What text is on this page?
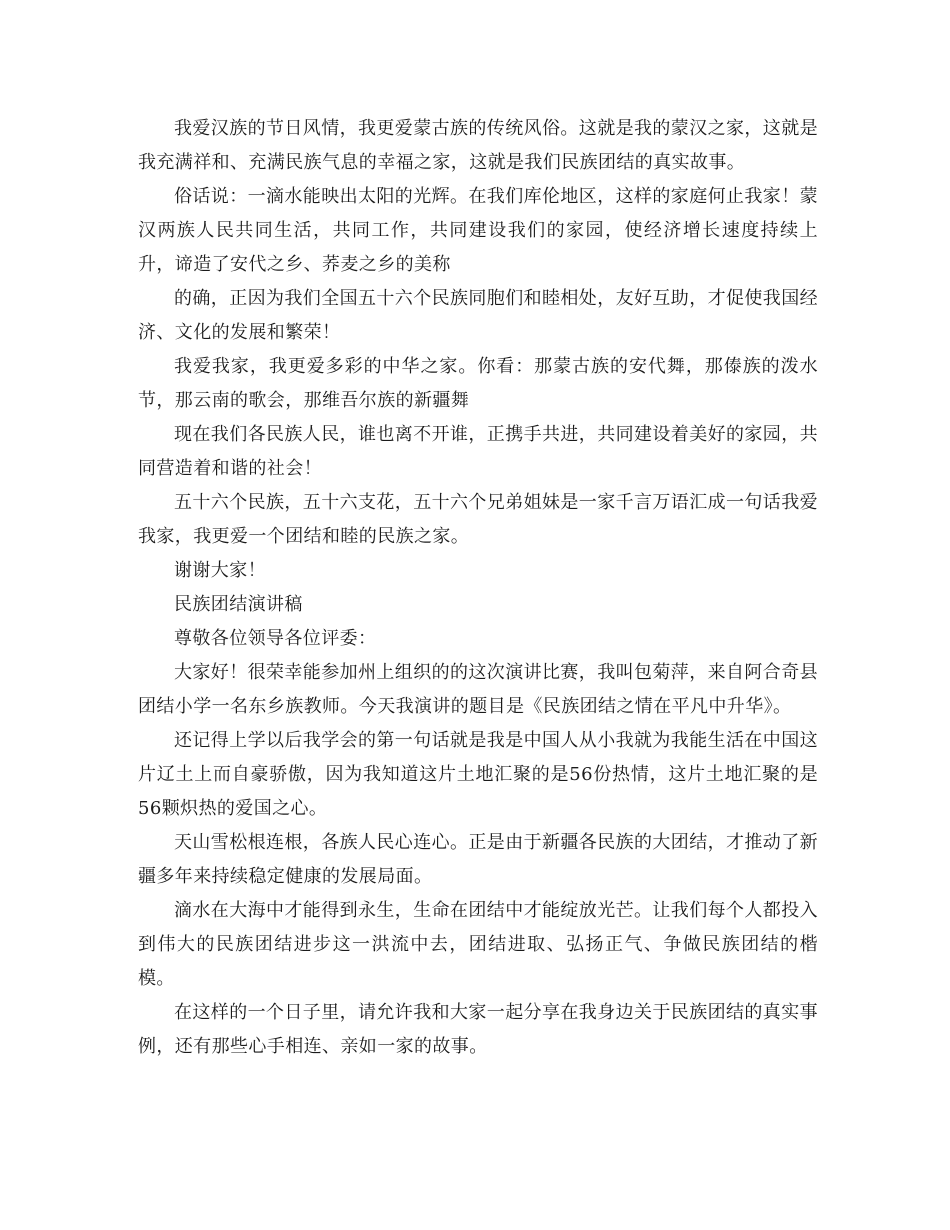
我爱汉族的节日风情，我更爱蒙古族的传统风俗。这就是我的蒙汉之家，这就是我充满祥和、充满民族气息的幸福之家，这就是我们民族团结的真实故事。

俗话说：一滴水能映出太阳的光辉。在我们库伦地区，这样的家庭何止我家！蒙汉两族人民共同生活，共同工作，共同建设我们的家园，使经济增长速度持续上升，谛造了安代之乡、荞麦之乡的美称

的确，正因为我们全国五十六个民族同胞们和睦相处，友好互助，才促使我国经济、文化的发展和繁荣！

我爱我家，我更爱多彩的中华之家。你看：那蒙古族的安代舞，那傣族的泼水节，那云南的歌会，那维吾尔族的新疆舞

现在我们各民族人民，谁也离不开谁，正携手共进，共同建设着美好的家园，共同营造着和谐的社会！

五十六个民族，五十六支花，五十六个兄弟姐妹是一家千言万语汇成一句话我爱我家，我更爱一个团结和睦的民族之家。

谢谢大家！

民族团结演讲稿

尊敬各位领导各位评委：

大家好！很荣幸能参加州上组织的的这次演讲比赛，我叫包菊萍，来自阿合奇县团结小学一名东乡族教师。今天我演讲的题目是《民族团结之情在平凡中升华》。

还记得上学以后我学会的第一句话就是我是中国人从小我就为我能生活在中国这片辽土上而自豪骄傲，因为我知道这片土地汇聚的是56份热情，这片土地汇聚的是56颗炽热的爱国之心。

天山雪松根连根，各族人民心连心。正是由于新疆各民族的大团结，才推动了新疆多年来持续稳定健康的发展局面。

滴水在大海中才能得到永生，生命在团结中才能绽放光芒。让我们每个人都投入到伟大的民族团结进步这一洪流中去，团结进取、弘扬正气、争做民族团结的楷模。

在这样的一个日子里，请允许我和大家一起分享在我身边关于民族团结的真实事例，还有那些心手相连、亲如一家的故事。
